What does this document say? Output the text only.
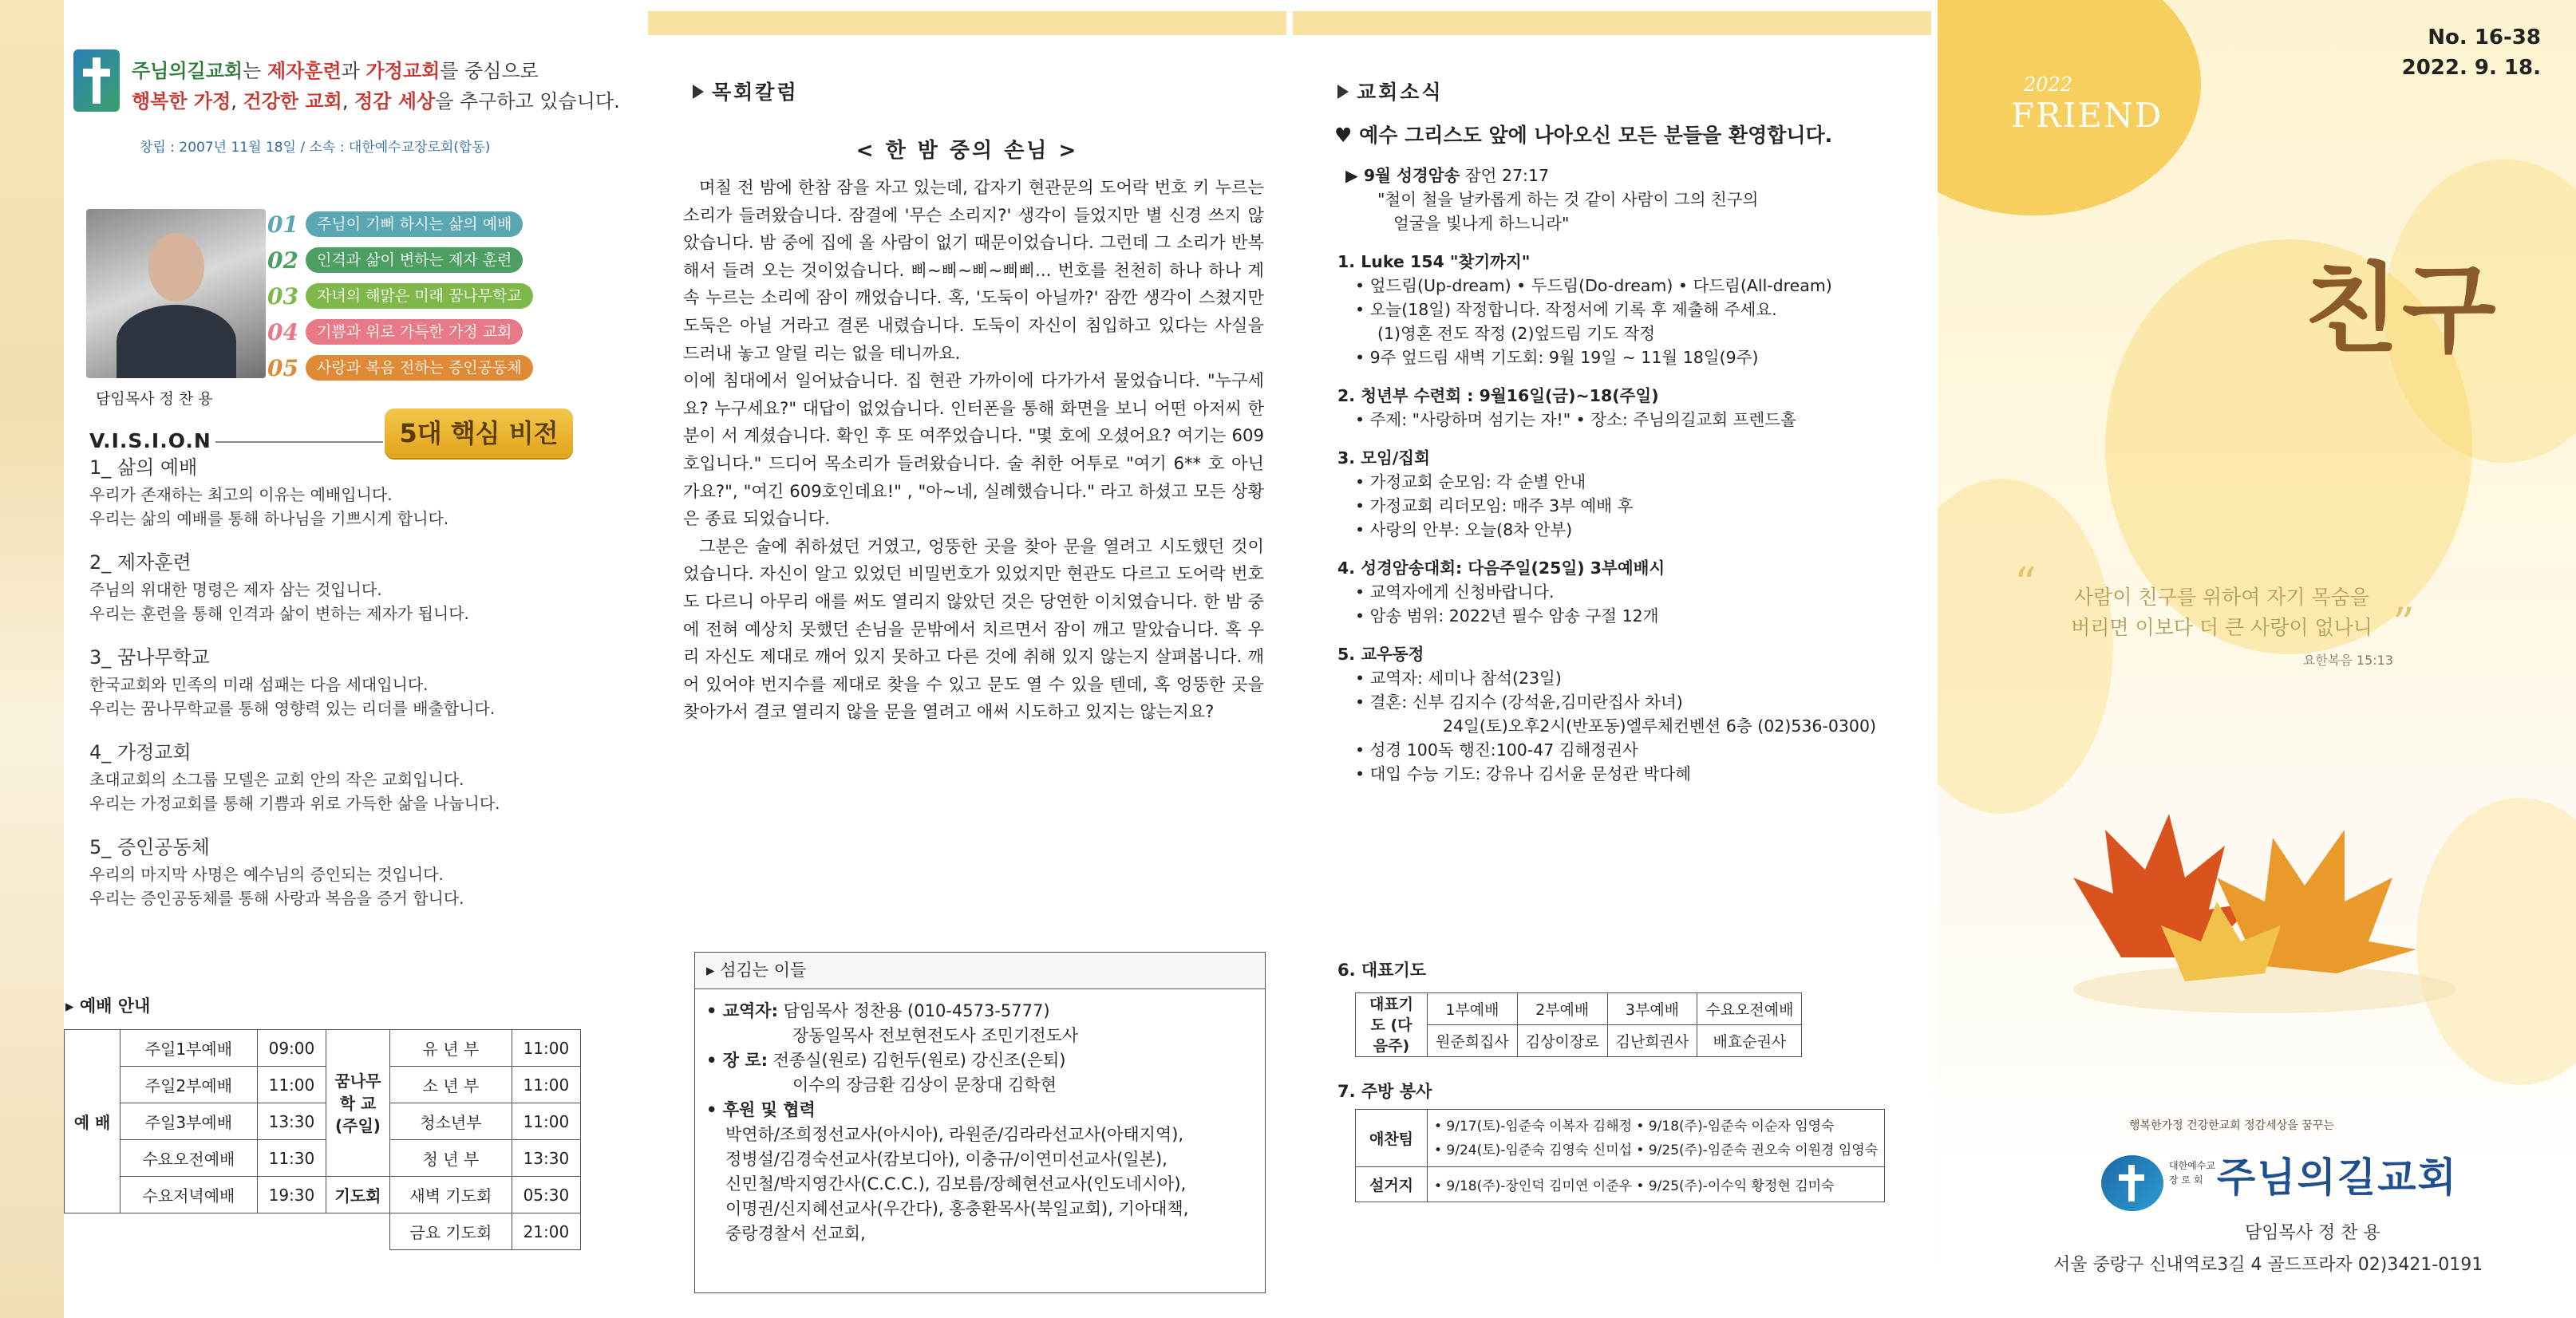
주님의길교회는 제자훈련과 가정교회를 중심으로
행복한 가정, 건강한 교회, 정감 세상을 추구하고 있습니다.
창립 : 2007년 11월 18일 / 소속 : 대한예수교장로회(합동)
담임목사 정 찬 용
01	주님이 기뻐 하시는 삶의 예배
02	인격과 삶이 변하는 제자 훈련
03	자녀의 해맑은 미래 꿈나무학교
04	기쁨과 위로 가득한 가정 교회
05	사랑과 복음 전하는 증인공동체
V.I.S.I.O.N	5대 핵심 비전
1_ 삶의 예배
우리가 존재하는 최고의 이유는 예배입니다.
우리는 삶의 예배를 통해 하나님을 기쁘시게 합니다.
2_ 제자훈련
주님의 위대한 명령은 제자 삼는 것입니다.
우리는 훈련을 통해 인격과 삶이 변하는 제자가 됩니다.
3_ 꿈나무학교
한국교회와 민족의 미래 섬패는 다음 세대입니다.
우리는 꿈나무학교를 통해 영향력 있는 리더를 배출합니다.
4_ 가정교회
초대교회의 소그룹 모델은 교회 안의 작은 교회입니다.
우리는 가정교회를 통해 기쁨과 위로 가득한 삶을 나눕니다.
5_ 증인공동체
우리의 마지막 사명은 예수님의 증인되는 것입니다.
우리는 증인공동체를 통해 사랑과 복음을 증거 합니다.
▸ 예배 안내
예 배	주일1부예배	09:00	꿈나무 학 교 (주일)	유 년 부	11:00
	주일2부예배	11:00		소 년 부	11:00
	주일3부예배	13:30		청소년부	11:00
	수요오전예배	11:30		청 년 부	13:30
	수요저녁예배	19:30	기도회	새벽 기도회	05:30
				금요 기도회	21:00
목회칼럼
< 한 밤 중의 손님 >

며칠 전 밤에 한참 잠을 자고 있는데, 갑자기 현관문의 도어락 번호 키 누르는 소리가 들려왔습니다. 잠결에 '무슨 소리지?' 생각이 들었지만 별 신경 쓰지 않았습니다. 밤 중에 집에 올 사람이 없기 때문이었습니다. 그런데 그 소리가 반복해서 들려 오는 것이었습니다. 삐~삐~삐~삐삐... 번호를 천천히 하나 하나 계속 누르는 소리에 잠이 깨었습니다. 혹, '도둑이 아닐까?' 잠깐 생각이 스쳤지만 도둑은 아닐 거라고 결론 내렸습니다. 도둑이 자신이 침입하고 있다는 사실을 드러내 놓고 알릴 리는 없을 테니까요.

이에 침대에서 일어났습니다. 집 현관 가까이에 다가가서 물었습니다. "누구세요? 누구세요?" 대답이 없었습니다. 인터폰을 통해 화면을 보니 어떤 아저씨 한 분이 서 계셨습니다. 확인 후 또 여쭈었습니다. "몇 호에 오셨어요? 여기는 609호입니다." 드디어 목소리가 들려왔습니다. 술 취한 어투로 "여기 6** 호 아닌가요?", "여긴 609호인데요!" , "아~네, 실례했습니다." 라고 하셨고 모든 상황은 종료 되었습니다.

그분은 술에 취하셨던 거였고, 엉뚱한 곳을 찾아 문을 열려고 시도했던 것이었습니다. 자신이 알고 있었던 비밀번호가 있었지만 현관도 다르고 도어락 번호도 다르니 아무리 애를 써도 열리지 않았던 것은 당연한 이치였습니다. 한 밤 중에 전혀 예상치 못했던 손님을 문밖에서 치르면서 잠이 깨고 말았습니다. 혹 우리 자신도 제대로 깨어 있지 못하고 다른 것에 취해 있지 않는지 살펴봅니다. 깨어 있어야 번지수를 제대로 찾을 수 있고 문도 열 수 있을 텐데, 혹 엉뚱한 곳을 찾아가서 결코 열리지 않을 문을 열려고 애써 시도하고 있지는 않는지요?

▸ 섬김는 이들
• 교역자: 담임목사 정찬용 (010-4573-5777)
장동일목사 전보현전도사 조민기전도사
• 장 로: 전종실(원로) 김헌두(원로) 강신조(은퇴)
이수의 장금환 김상이 문창대 김학현
• 후원 및 협력
박연하/조희정선교사(아시아), 라원준/김라라선교사(아태지역),
정병설/김경숙선교사(캄보디아), 이충규/이연미선교사(일본),
신민철/박지영간사(C.C.C.), 김보름/장혜현선교사(인도네시아),
이명권/신지혜선교사(우간다), 홍충환목사(북일교회), 기아대책,
중랑경찰서 선교회,
교회소식
♥ 예수 그리스도 앞에 나아오신 모든 분들을 환영합니다.
▶ 9월 성경암송 잠언 27:17
"철이 철을 날카롭게 하는 것 같이 사람이 그의 친구의
얼굴을 빛나게 하느니라"
1. Luke 154 "찾기까지"
• 엎드림(Up-dream) • 두드림(Do-dream) • 다드림(All-dream)
• 오늘(18일) 작정합니다. 작정서에 기록 후 제출해 주세요.
(1)영혼 전도 작정 (2)엎드림 기도 작정
• 9주 엎드림 새벽 기도회: 9월 19일 ~ 11월 18일(9주)
2. 청년부 수련회 : 9월16일(금)~18(주일)
• 주제: "사랑하며 섬기는 자!" • 장소: 주님의길교회 프렌드홀
3. 모임/집회
• 가정교회 순모임: 각 순별 안내
• 가정교회 리더모임: 매주 3부 예배 후
• 사랑의 안부: 오늘(8차 안부)
4. 성경암송대회: 다음주일(25일) 3부예배시
• 교역자에게 신청바랍니다.
• 암송 범위: 2022년 필수 암송 구절 12개
5. 교우동정
• 교역자: 세미나 참석(23일)
• 결혼: 신부 김지수 (강석윤,김미란집사 차녀)
24일(토)오후2시(반포동)엘루체컨벤션 6층 (02)536-0300)
• 성경 100독 행진:100-47 김해정권사
• 대입 수능 기도: 강유나 김서윤 문성관 박다혜
6. 대표기도
대표기도 (다음주)	1부예배	2부예배	3부예배	수요오전예배
	원준희집사	김상이장로	김난희권사	배효순권사
7. 주방 봉사
애찬팀	• 9/17(토)-임준숙 이복자 김해정 • 9/18(주)-임준숙 이순자 임영숙
• 9/24(토)-임준숙 김영숙 신미섭 • 9/25(주)-임준숙 권오숙 이원경 임영숙

설거지	• 9/18(주)-장인덕 김미연 이준우 • 9/25(주)-이수익 황정현 김미숙
No. 16-38
2022. 9. 18.
2022
FRIEND
친구
“	사람이 친구를 위하여 자기 목숨을
버리면 이보다 더 큰 사랑이 없나니 ”
요한복음 15:13
행복한가정 건강한교회 정감세상을 꿈꾸는
대한예수교
장 로 회 주님의길교회
담임목사 정 찬 용
서울 중랑구 신내역로3길 4 골드프라자 02)3421-0191
